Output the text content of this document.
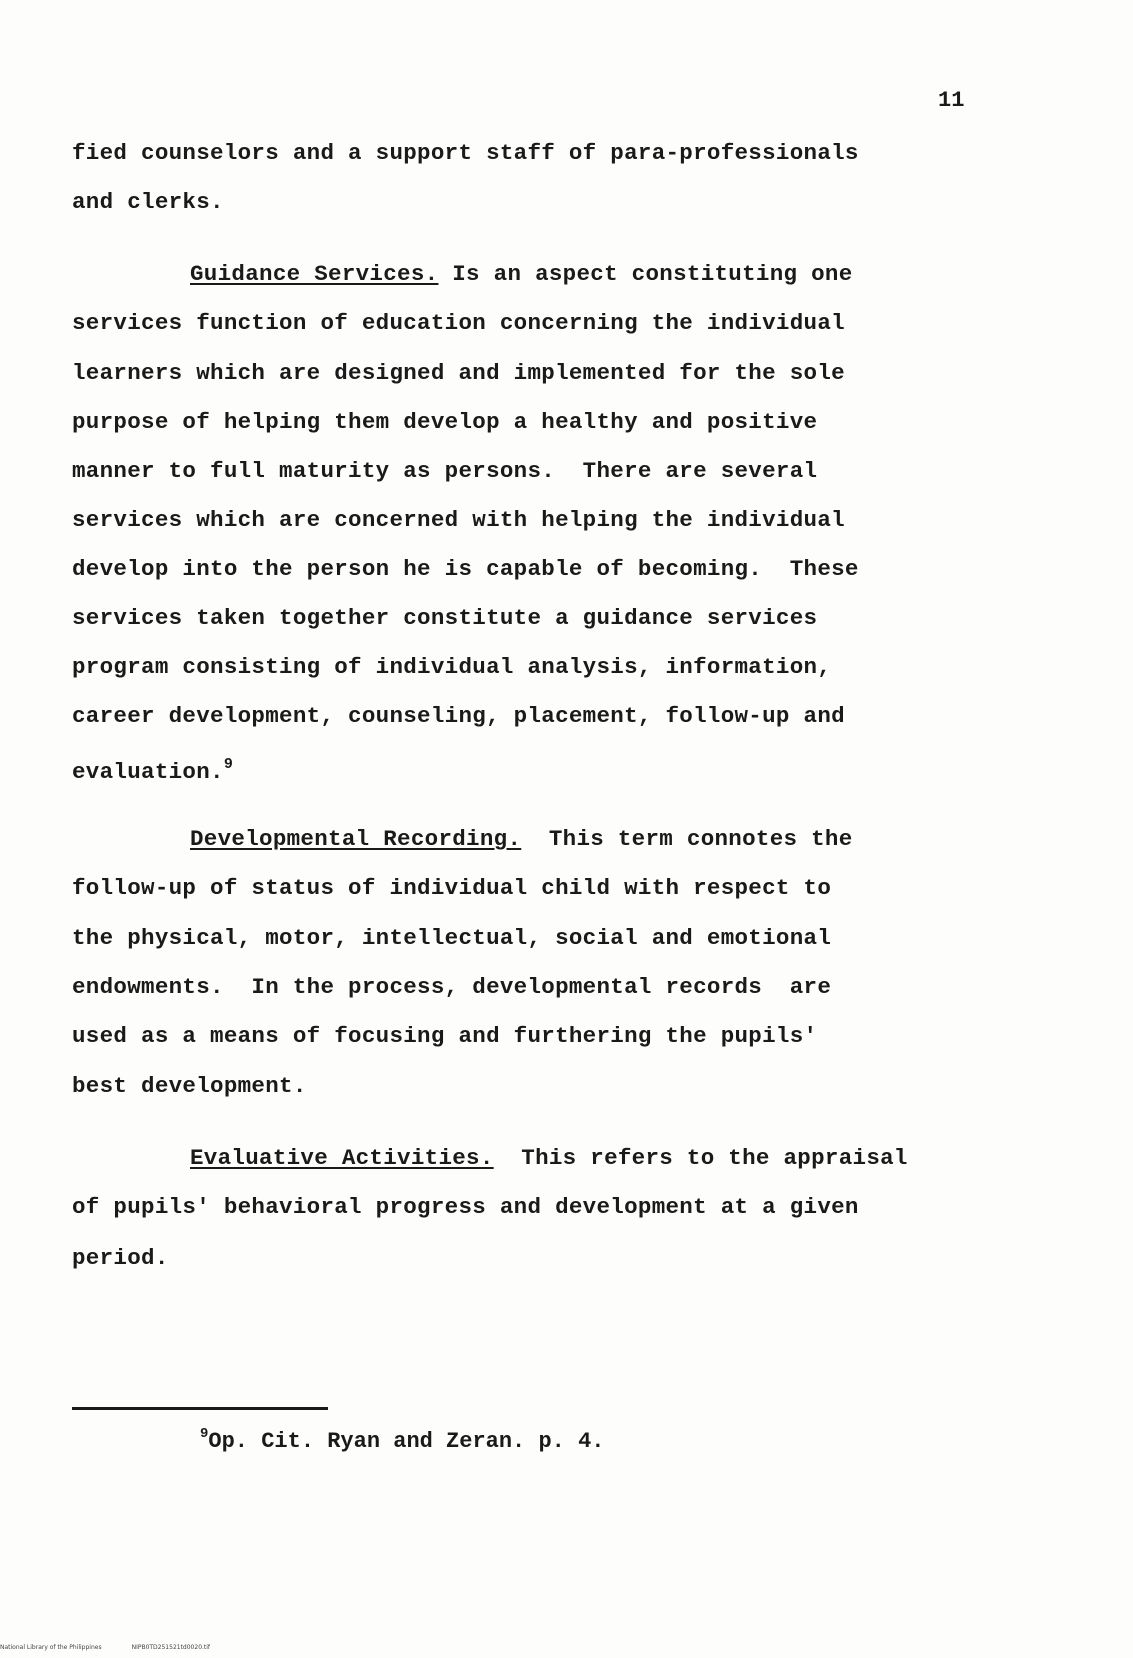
11
fied counselors and a support staff of para-professionals
and clerks.
Guidance Services. Is an aspect constituting one
services function of education concerning the individual
learners which are designed and implemented for the sole
purpose of helping them develop a healthy and positive
manner to full maturity as persons.  There are several
services which are concerned with helping the individual
develop into the person he is capable of becoming.  These
services taken together constitute a guidance services
program consisting of individual analysis, information,
career development, counseling, placement, follow-up and
evaluation.$^9$
Developmental Recording.  This term connotes the
follow-up of status of individual child with respect to
the physical, motor, intellectual, social and emotional
endowments.  In the process, developmental records  are
used as a means of focusing and furthering the pupils'
best development.
Evaluative Activities.  This refers to the appraisal
of pupils' behavioral progress and development at a given
period.
$^9$Op. Cit. Ryan and Zeran. p. 4.
National Library of the Philippines	NIPB0TD251521td0020.tif
